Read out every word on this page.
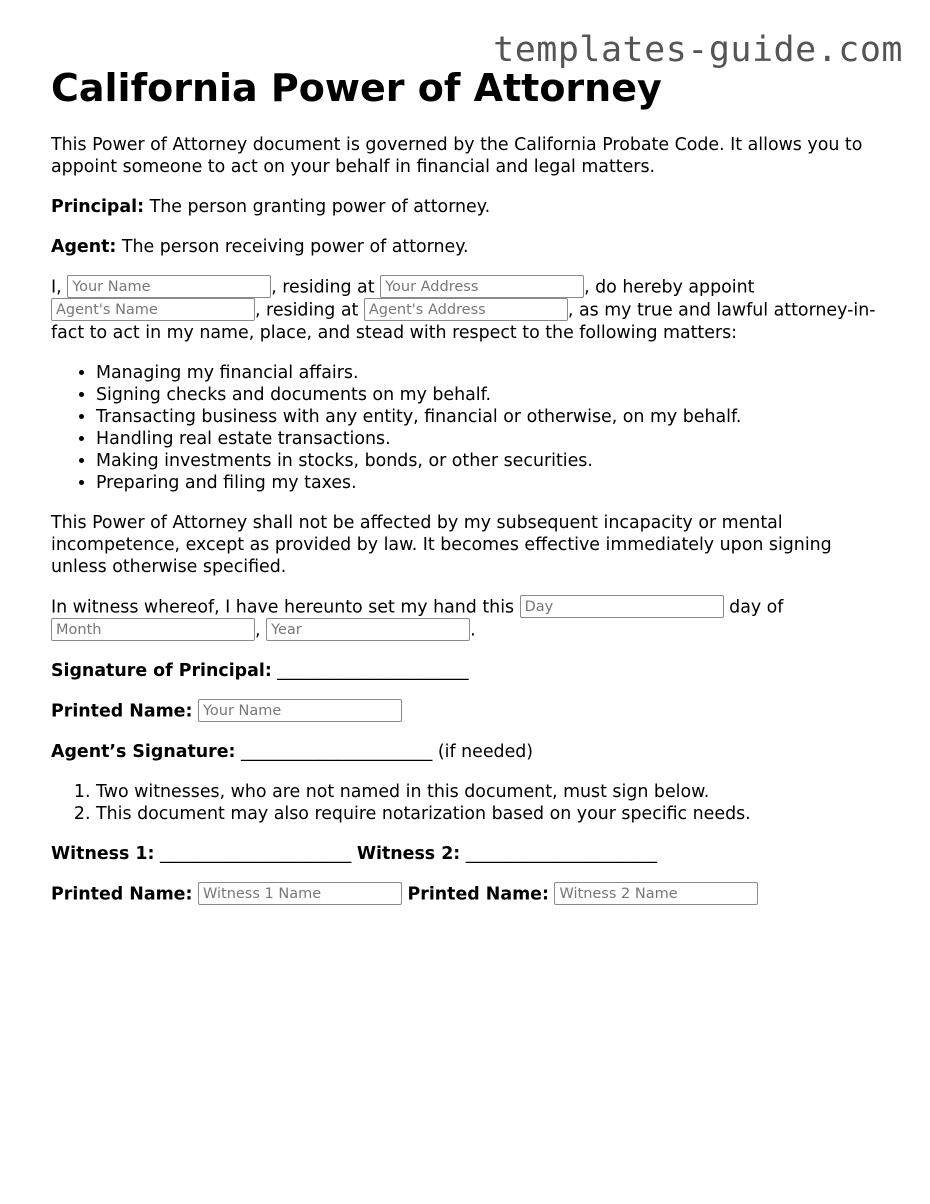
templates-guide.com
California Power of Attorney

This Power of Attorney document is governed by the California Probate Code. It allows you to appoint someone to act on your behalf in financial and legal matters.

Principal: The person granting power of attorney.

Agent: The person receiving power of attorney.

I, Your Name	, residing at Your Address	, do hereby appoint Agent's Name, residing at Agent's Address	, as my true and lawful attorney-in-fact to act in my name, place, and stead with respect to the following matters:

• Managing my financial affairs.
• Signing checks and documents on my behalf.
• Transacting business with any entity, financial or otherwise, on my behalf.
• Handling real estate transactions.
• Making investments in stocks, bonds, or other securities.
• Preparing and filing my taxes.

This Power of Attorney shall not be affected by my subsequent incapacity or mental incompetence, except as provided by law. It becomes effective immediately upon signing unless otherwise specified.

In witness whereof, I have hereunto set my hand this Day	day of Month, Year	.

Signature of Principal: ______________________

Printed Name: Your Name

Agent’s Signature: ______________________ (if needed)

1. Two witnesses, who are not named in this document, must sign below.
2. This document may also require notarization based on your specific needs.

Witness 1: ______________________ Witness 2: ______________________

Printed Name: Witness 1 Name	Printed Name: Witness 2 Name
